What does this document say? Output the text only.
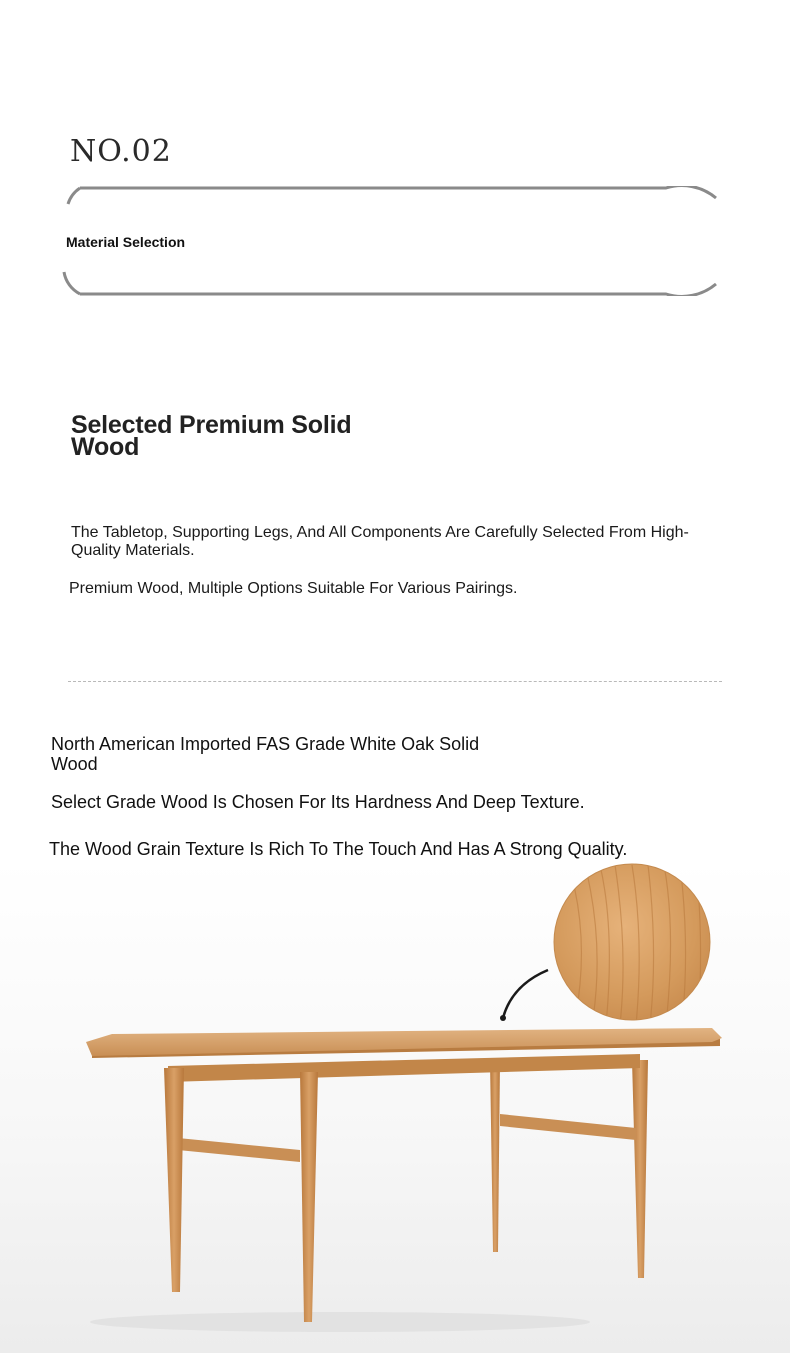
NO.02
Material Selection
Selected Premium Solid Wood
The Tabletop, Supporting Legs, And All Components Are Carefully Selected From High-Quality Materials.
Premium Wood, Multiple Options Suitable For Various Pairings.
North American Imported FAS Grade White Oak Solid Wood
Select Grade Wood Is Chosen For Its Hardness And Deep Texture.
The Wood Grain Texture Is Rich To The Touch And Has A Strong Quality.
